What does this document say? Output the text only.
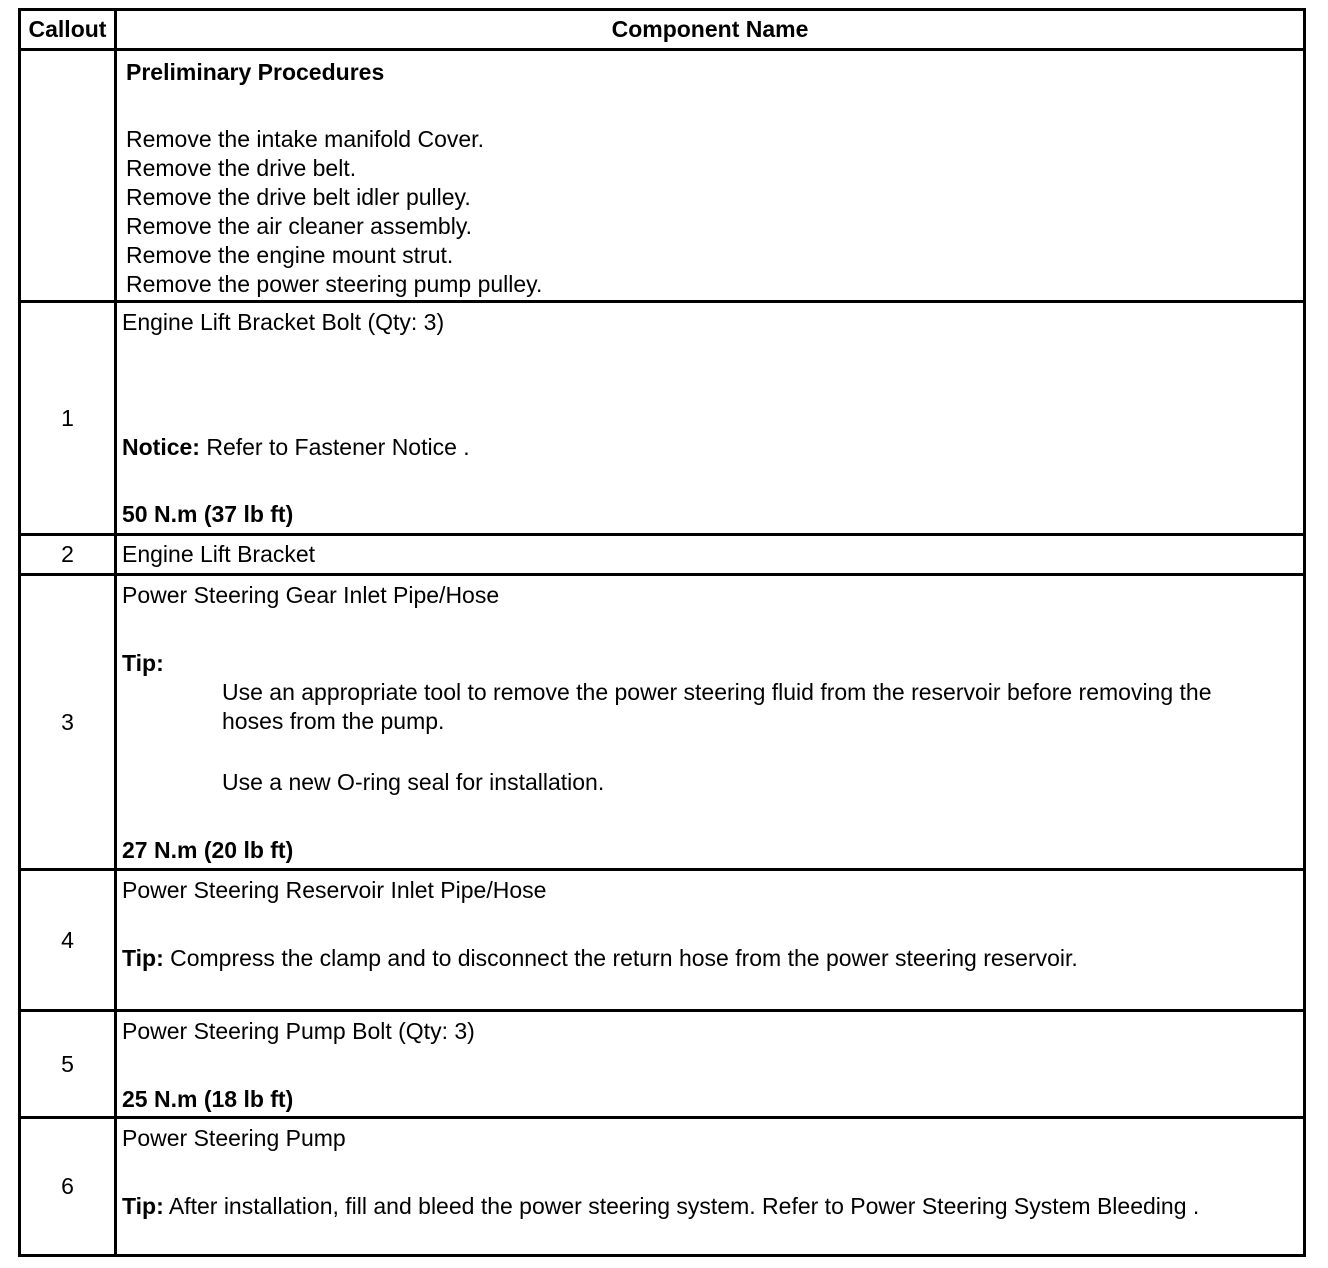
Callout	Component Name
Preliminary Procedures
Remove the intake manifold Cover.
Remove the drive belt.
Remove the drive belt idler pulley.
Remove the air cleaner assembly.
Remove the engine mount strut.
Remove the power steering pump pulley.
1
Engine Lift Bracket Bolt (Qty: 3)
Notice: Refer to Fastener Notice .
50 N.m (37 lb ft)
2	Engine Lift Bracket
3
Power Steering Gear Inlet Pipe/Hose
Tip:
Use an appropriate tool to remove the power steering fluid from the reservoir before removing the
hoses from the pump.
Use a new O-ring seal for installation.
27 N.m (20 lb ft)
4
Power Steering Reservoir Inlet Pipe/Hose
Tip: Compress the clamp and to disconnect the return hose from the power steering reservoir.
5
Power Steering Pump Bolt (Qty: 3)
25 N.m (18 lb ft)
6
Power Steering Pump
Tip: After installation, fill and bleed the power steering system. Refer to Power Steering System Bleeding .
